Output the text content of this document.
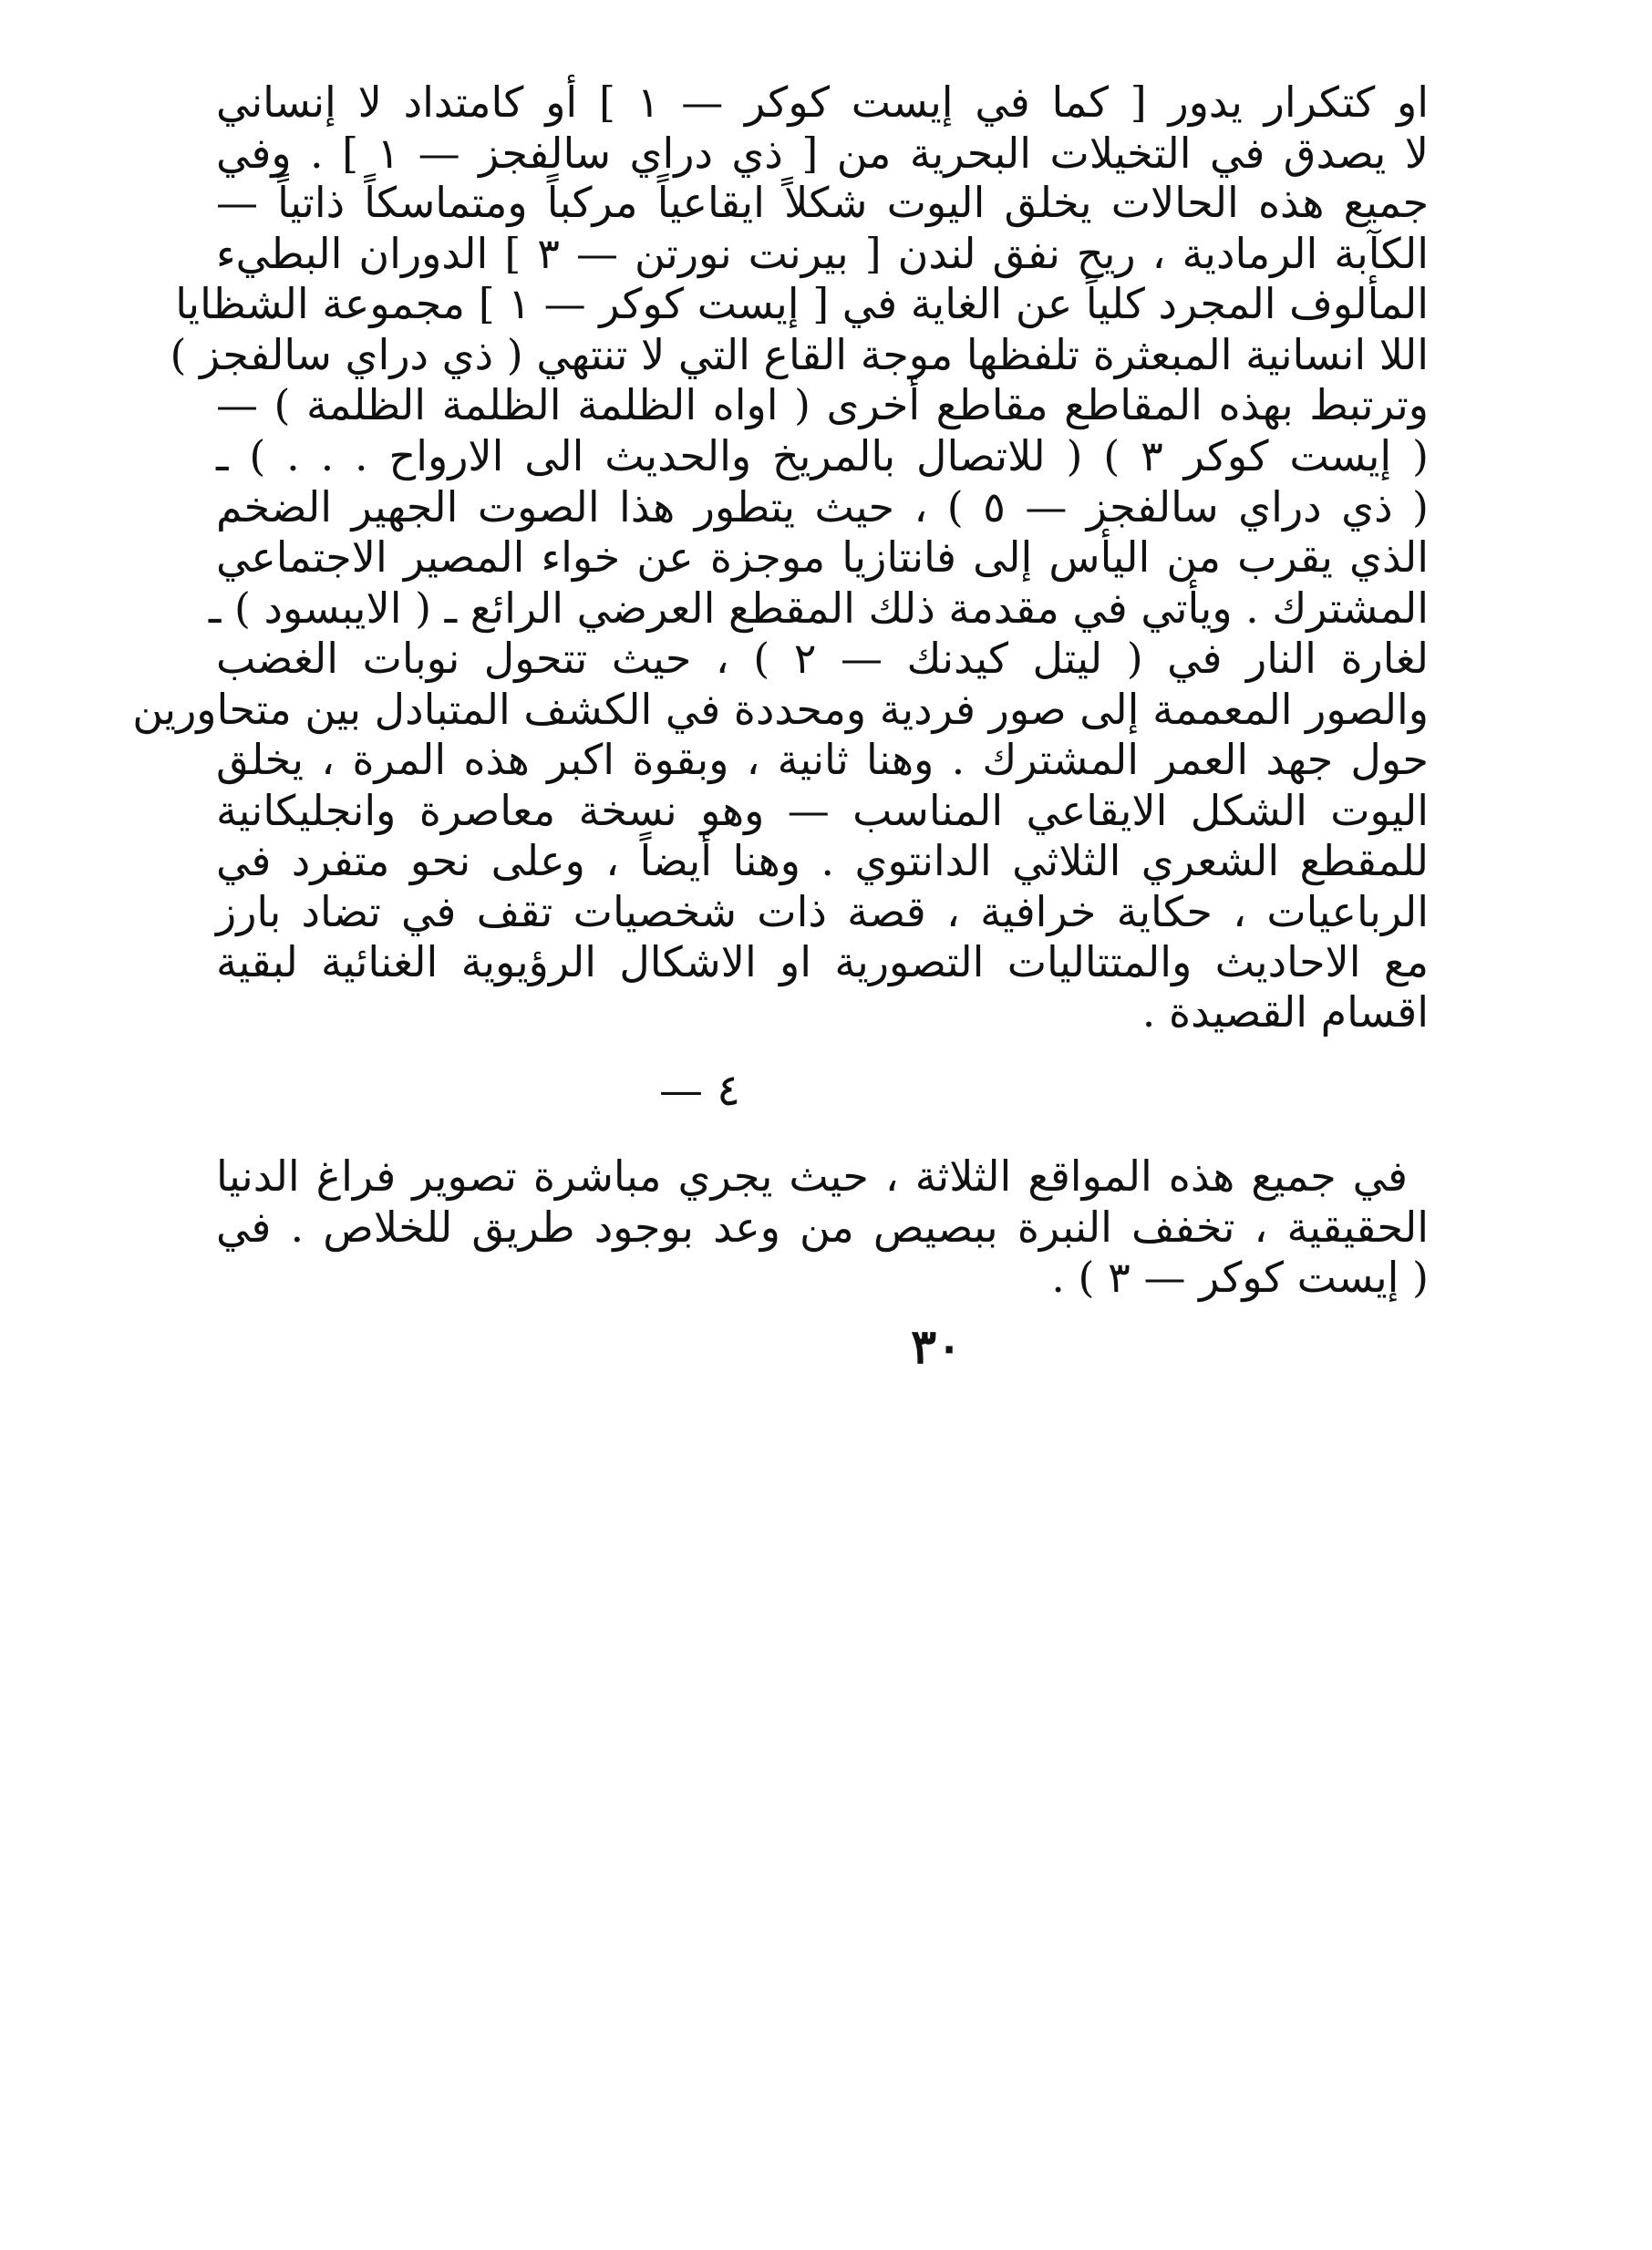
او كتكرار يدور [ كما في إيست كوكر — ١ ] أو كامتداد لا إنساني
لا يصدق في التخيلات البحرية من [ ذي دراي سالفجز — ١ ] . وفي
جميع هذه الحالات يخلق اليوت شكلاً ايقاعياً مركباً ومتماسكاً ذاتياً —
الكآبة الرمادية ، ريح نفق لندن [ بيرنت نورتن — ٣ ] الدوران البطيء
المألوف المجرد كلياً عن الغاية في [ إيست كوكر — ١ ] مجموعة الشظايا
اللا انسانية المبعثرة تلفظها موجة القاع التي لا تنتهي ( ذي دراي سالفجز )
وترتبط بهذه المقاطع مقاطع أخرى ( اواه الظلمة الظلمة الظلمة ) —
( إيست كوكر ٣ ) ( للاتصال بالمريخ والحديث الى الارواح . . . ) ـ
( ذي دراي سالفجز — ٥ ) ، حيث يتطور هذا الصوت الجهير الضخم
الذي يقرب من اليأس إلى فانتازيا موجزة عن خواء المصير الاجتماعي
المشترك . ويأتي في مقدمة ذلك المقطع العرضي الرائع ـ ( الايبسود ) ـ
لغارة النار في ( ليتل كيدنك — ٢ ) ، حيث تتحول نوبات الغضب
والصور المعممة إلى صور فردية ومحددة في الكشف المتبادل بين متحاورين
حول جهد العمر المشترك . وهنا ثانية ، وبقوة اكبر هذه المرة ، يخلق
اليوت الشكل الايقاعي المناسب — وهو نسخة معاصرة وانجليكانية
للمقطع الشعري الثلاثي الدانتوي . وهنا أيضاً ، وعلى نحو متفرد في
الرباعيات ، حكاية خرافية ، قصة ذات شخصيات تقف في تضاد بارز
مع الاحاديث والمتتاليات التصورية او الاشكال الرؤيوية الغنائية لبقية
اقسام القصيدة .
٤ —
في جميع هذه المواقع الثلاثة ، حيث يجري مباشرة تصوير فراغ الدنيا
الحقيقية ، تخفف النبرة ببصيص من وعد بوجود طريق للخلاص . في
( إيست كوكر — ٣ ) .
٣٠
